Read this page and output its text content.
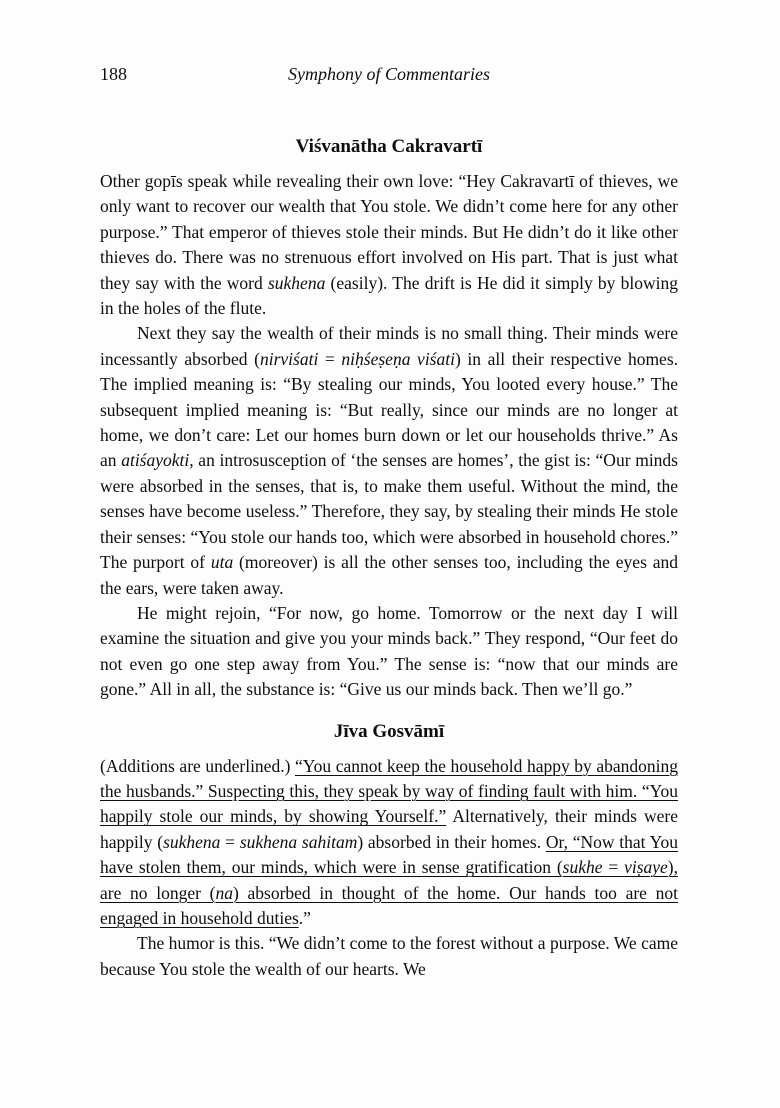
188	Symphony of Commentaries
Viśvanātha Cakravartī

Other gopīs speak while revealing their own love: “Hey Cakravartī of thieves, we only want to recover our wealth that You stole. We didn’t come here for any other purpose.” That emperor of thieves stole their minds. But He didn’t do it like other thieves do. There was no strenuous effort involved on His part. That is just what they say with the word sukhena (easily). The drift is He did it simply by blowing in the holes of the flute.

Next they say the wealth of their minds is no small thing. Their minds were incessantly absorbed (nirviśati = niḥśeṣeṇa viśati) in all their respective homes. The implied meaning is: “By stealing our minds, You looted every house.” The subsequent implied meaning is: “But really, since our minds are no longer at home, we don’t care: Let our homes burn down or let our households thrive.” As an atiśayokti, an introsusception of ‘the senses are homes’, the gist is: “Our minds were absorbed in the senses, that is, to make them useful. Without the mind, the senses have become useless.” Therefore, they say, by stealing their minds He stole their senses: “You stole our hands too, which were absorbed in household chores.” The purport of uta (moreover) is all the other senses too, including the eyes and the ears, were taken away.

He might rejoin, “For now, go home. Tomorrow or the next day I will examine the situation and give you your minds back.” They respond, “Our feet do not even go one step away from You.” The sense is: “now that our minds are gone.” All in all, the substance is: “Give us our minds back. Then we’ll go.”

Jīva Gosvāmī

(Additions are underlined.) “You cannot keep the household happy by abandoning the husbands.” Suspecting this, they speak by way of finding fault with him. “You happily stole our minds, by showing Yourself.” Alternatively, their minds were happily (sukhena = sukhena sahitam) absorbed in their homes. Or, “Now that You have stolen them, our minds, which were in sense gratification (sukhe = viṣaye), are no longer (na) absorbed in thought of the home. Our hands too are not engaged in household duties.”

The humor is this. “We didn’t come to the forest without a purpose. We came because You stole the wealth of our hearts. We
